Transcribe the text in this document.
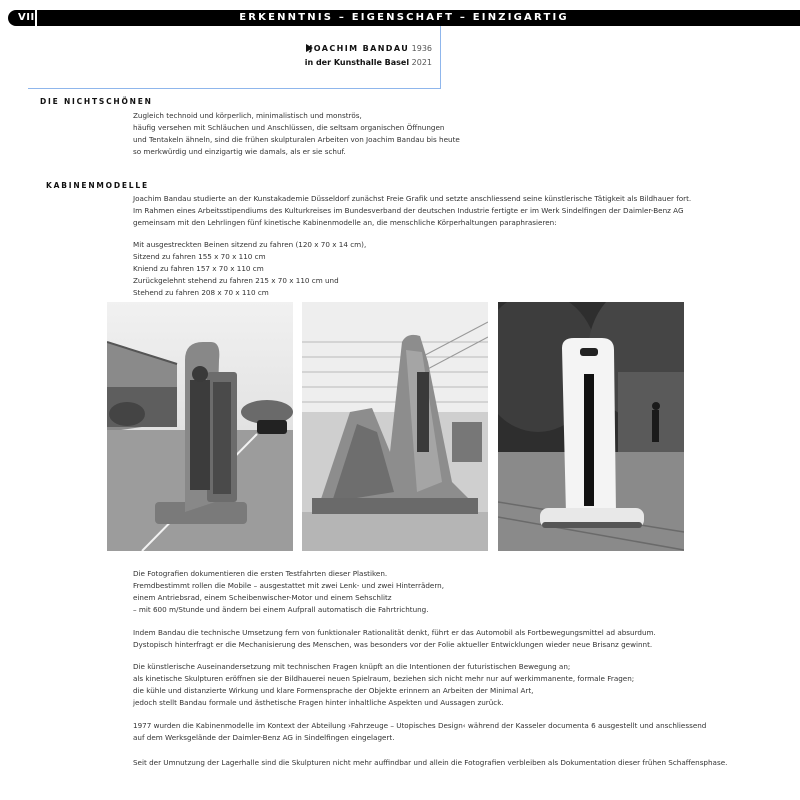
VII	ERKENNTNIS – EIGENSCHAFT – EINZIGARTIG
JOACHIM BANDAU 1936
in der Kunsthalle Basel 2021
DIE NICHTSCHÖNEN
Zugleich technoid und körperlich, minimalistisch und monströs,
häufig versehen mit Schläuchen und Anschlüssen, die seltsam organischen Öffnungen
und Tentakeln ähneln, sind die frühen skulpturalen Arbeiten von Joachim Bandau bis heute
so merkwürdig und einzigartig wie damals, als er sie schuf.
KABINENMODELLE
Joachim Bandau studierte an der Kunstakademie Düsseldorf zunächst Freie Grafik und setzte anschliessend seine künstlerische Tätigkeit als Bildhauer fort.
Im Rahmen eines Arbeitsstipendiums des Kulturkreises im Bundesverband der deutschen Industrie fertigte er im Werk Sindelfingen der Daimler-Benz AG
gemeinsam mit den Lehrlingen fünf kinetische Kabinenmodelle an, die menschliche Körperhaltungen paraphrasieren:
Mit ausgestreckten Beinen sitzend zu fahren (120 x 70 x 14 cm),
Sitzend zu fahren 155 x 70 x 110 cm
Kniend zu fahren 157 x 70 x 110 cm
Zurückgelehnt stehend zu fahren 215 x 70 x 110 cm und
Stehend zu fahren 208 x 70 x 110 cm
Die Fotografien dokumentieren die ersten Testfahrten dieser Plastiken.
Fremdbestimmt rollen die Mobile – ausgestattet mit zwei Lenk- und zwei Hinterrädern,
einem Antriebsrad, einem Scheibenwischer-Motor und einem Sehschlitz
– mit 600 m/Stunde und ändern bei einem Aufprall automatisch die Fahrtrichtung.
Indem Bandau die technische Umsetzung fern von funktionaler Rationalität denkt, führt er das Automobil als Fortbewegungsmittel ad absurdum.
Dystopisch hinterfragt er die Mechanisierung des Menschen, was besonders vor der Folie aktueller Entwicklungen wieder neue Brisanz gewinnt.
Die künstlerische Auseinandersetzung mit technischen Fragen knüpft an die Intentionen der futuristischen Bewegung an;
als kinetische Skulpturen eröffnen sie der Bildhauerei neuen Spielraum, beziehen sich nicht mehr nur auf werkimmanente, formale Fragen;
die kühle und distanzierte Wirkung und klare Formensprache der Objekte erinnern an Arbeiten der Minimal Art,
jedoch stellt Bandau formale und ästhetische Fragen hinter inhaltliche Aspekten und Aussagen zurück.
1977 wurden die Kabinenmodelle im Kontext der Abteilung ›Fahrzeuge – Utopisches Design‹ während der Kasseler documenta 6 ausgestellt und anschliessend
auf dem Werksgelände der Daimler-Benz AG in Sindelfingen eingelagert.
Seit der Umnutzung der Lagerhalle sind die Skulpturen nicht mehr auffindbar und allein die Fotografien verbleiben als Dokumentation dieser frühen Schaffensphase.
